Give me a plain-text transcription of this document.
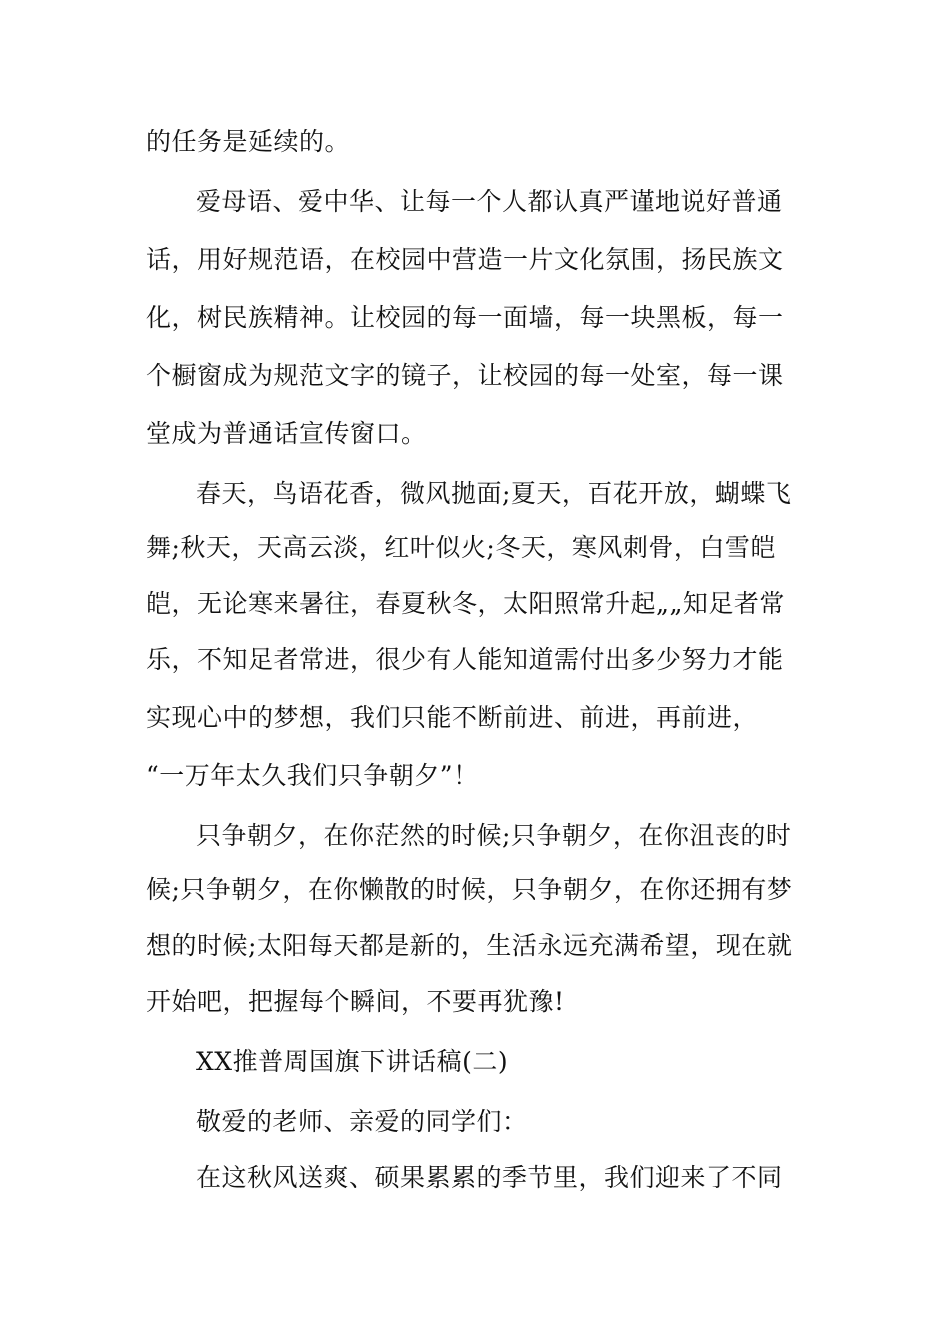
的任务是延续的。
爱母语、爱中华、让每一个人都认真严谨地说好普通
话，用好规范语，在校园中营造一片文化氛围，扬民族文
化，树民族精神。让校园的每一面墙，每一块黑板，每一
个橱窗成为规范文字的镜子，让校园的每一处室，每一课
堂成为普通话宣传窗口。
春天，鸟语花香，微风拋面;夏天，百花开放，蝴蝶飞
舞;秋天，天高云淡，红叶似火;冬天，寒风刺骨，白雪皑
皑，无论寒来暑往，春夏秋冬，太阳照常升起„„知足者常
乐，不知足者常进，很少有人能知道需付出多少努力才能
实现心中的梦想，我们只能不断前进、前进，再前进，
“一万年太久我们只争朝夕”！
只争朝夕，在你茫然的时候;只争朝夕，在你沮丧的时
候;只争朝夕，在你懒散的时候，只争朝夕，在你还拥有梦
想的时候;太阳每天都是新的，生活永远充满希望，现在就
开始吧，把握每个瞬间，不要再犹豫!
XX推普周国旗下讲话稿(二)
敬爱的老师、亲爱的同学们：
在这秋风送爽、硕果累累的季节里，我们迎来了不同
